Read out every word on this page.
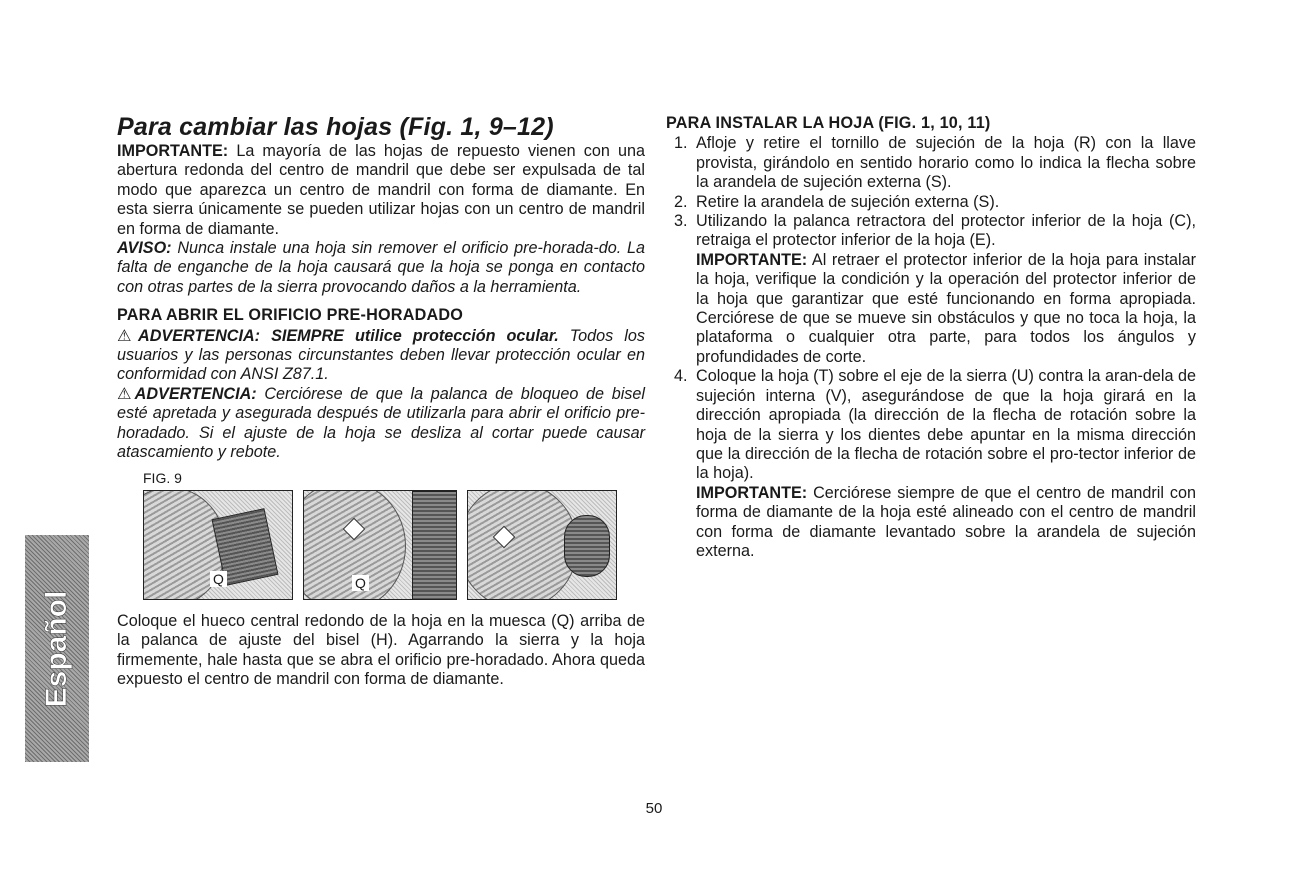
Español
Para cambiar las hojas (Fig. 1, 9–12)

IMPORTANTE: La mayoría de las hojas de repuesto vienen con una abertura redonda del centro de mandril que debe ser expulsada de tal modo que aparezca un centro de mandril con forma de diamante. En esta sierra únicamente se pueden utilizar hojas con un centro de mandril en forma de diamante.

AVISO: Nunca instale una hoja sin remover el orificio pre-horada-do. La falta de enganche de la hoja causará que la hoja se ponga en contacto con otras partes de la sierra provocando daños a la herramienta.

PARA ABRIR EL ORIFICIO PRE-HORADADO

⚠ADVERTENCIA: SIEMPRE utilice protección ocular. Todos los usuarios y las personas circunstantes deben llevar protección ocular en conformidad con ANSI Z87.1.

⚠ADVERTENCIA: Cerciórese de que la palanca de bloqueo de bisel esté apretada y asegurada después de utilizarla para abrir el orificio pre-horadado. Si el ajuste de la hoja se desliza al cortar puede causar atascamiento y rebote.

FIG. 9
Q	Q

Coloque el hueco central redondo de la hoja en la muesca (Q) arriba de la palanca de ajuste del bisel (H). Agarrando la sierra y la hoja firmemente, hale hasta que se abra el orificio pre-horadado. Ahora queda expuesto el centro de mandril con forma de diamante.

PARA INSTALAR LA HOJA (FIG. 1, 10, 11)
1. Afloje y retire el tornillo de sujeción de la hoja (R) con la llave provista, girándolo en sentido horario como lo indica la flecha sobre la arandela de sujeción externa (S).
2. Retire la arandela de sujeción externa (S).
3. Utilizando la palanca retractora del protector inferior de la hoja (C), retraiga el protector inferior de la hoja (E).

IMPORTANTE: Al retraer el protector inferior de la hoja para instalar la hoja, verifique la condición y la operación del protector inferior de la hoja que garantizar que esté funcionando en forma apropiada. Cerciórese de que se mueve sin obstáculos y que no toca la hoja, la plataforma o cualquier otra parte, para todos los ángulos y profundidades de corte.

4. Coloque la hoja (T) sobre el eje de la sierra (U) contra la aran-dela de sujeción interna (V), asegurándose de que la hoja girará en la dirección apropiada (la dirección de la flecha de rotación sobre la hoja de la sierra y los dientes debe apuntar en la misma dirección que la dirección de la flecha de rotación sobre el pro-tector inferior de la hoja).

IMPORTANTE: Cerciórese siempre de que el centro de mandril con forma de diamante de la hoja esté alineado con el centro de mandril con forma de diamante levantado sobre la arandela de sujeción externa.

50
